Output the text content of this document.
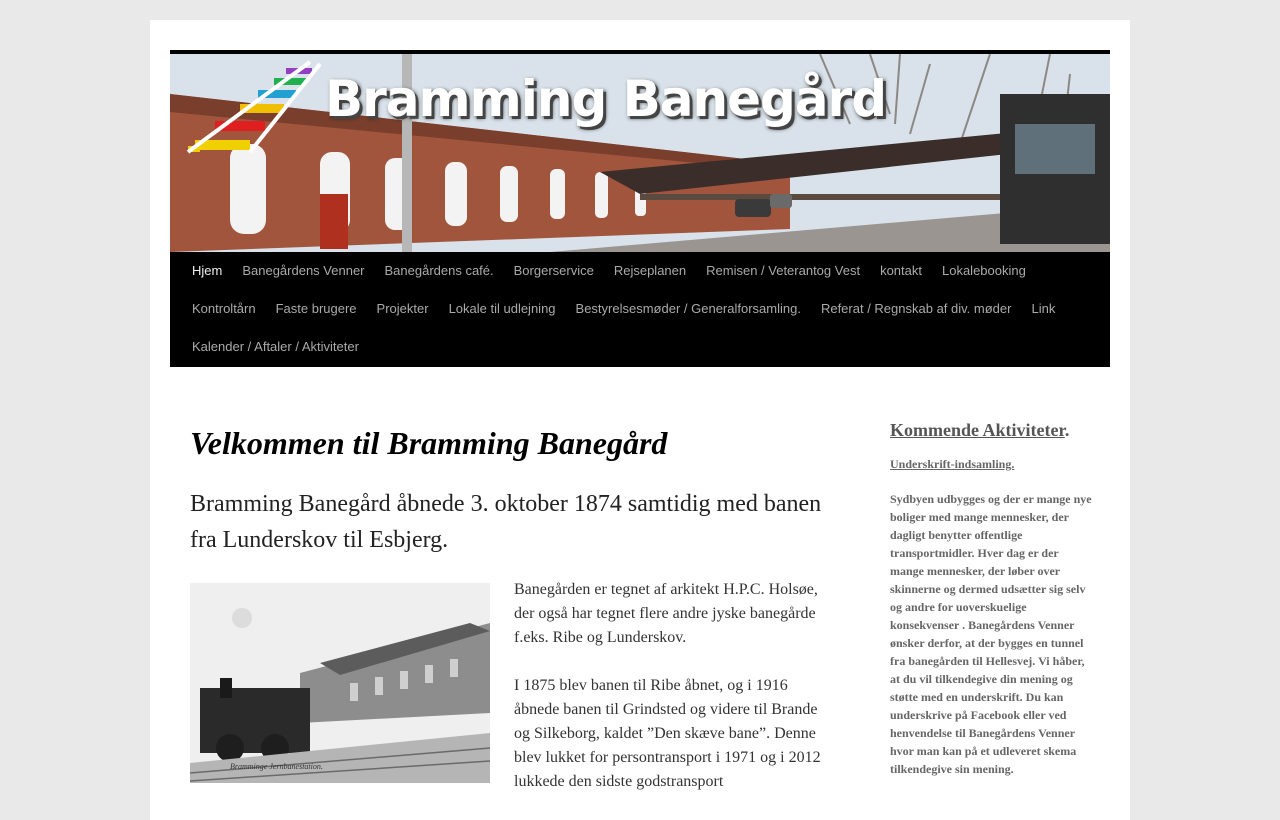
Bramming Banegård
Hjem	Banegårdens Venner	Banegårdens café.	Borgerservice	Rejseplanen	Remisen / Veterantog Vest	kontakt	Lokalebooking
Kontroltårn	Faste brugere	Projekter	Lokale til udlejning	Bestyrelsesmøder / Generalforsamling.	Referat / Regnskab af div. møder	Link
Kalender / Aftaler / Aktiviteter
Velkommen til Bramming Banegård

Bramming Banegård åbnede 3. oktober 1874 samtidig med banen fra Lunderskov til Esbjerg.

Bramminge Jernbanestation.

Banegården er tegnet af arkitekt H.P.C. Holsøe, der også har tegnet flere andre jyske banegårde f.eks. Ribe og Lunderskov.

I 1875 blev banen til Ribe åbnet, og i 1916 åbnede banen til Grindsted og videre til Brande og Silkeborg, kaldet ”Den skæve bane”. Denne blev lukket for persontransport i 1971 og i 2012 lukkede den sidste godstransport

Kommende Aktiviteter.
Underskrift-indsamling.

Sydbyen udbygges og der er mange nye boliger med mange mennesker, der dagligt benytter offentlige transportmidler. Hver dag er der mange mennesker, der løber over skinnerne og dermed udsætter sig selv og andre for uoverskuelige konsekvenser . Banegårdens Venner ønsker derfor, at der bygges en tunnel fra banegården til Hellesvej. Vi håber, at du vil tilkendegive din mening og støtte med en underskrift. Du kan underskrive på Facebook eller ved henvendelse til Banegårdens Venner hvor man kan på et udleveret skema tilkendegive sin mening.
